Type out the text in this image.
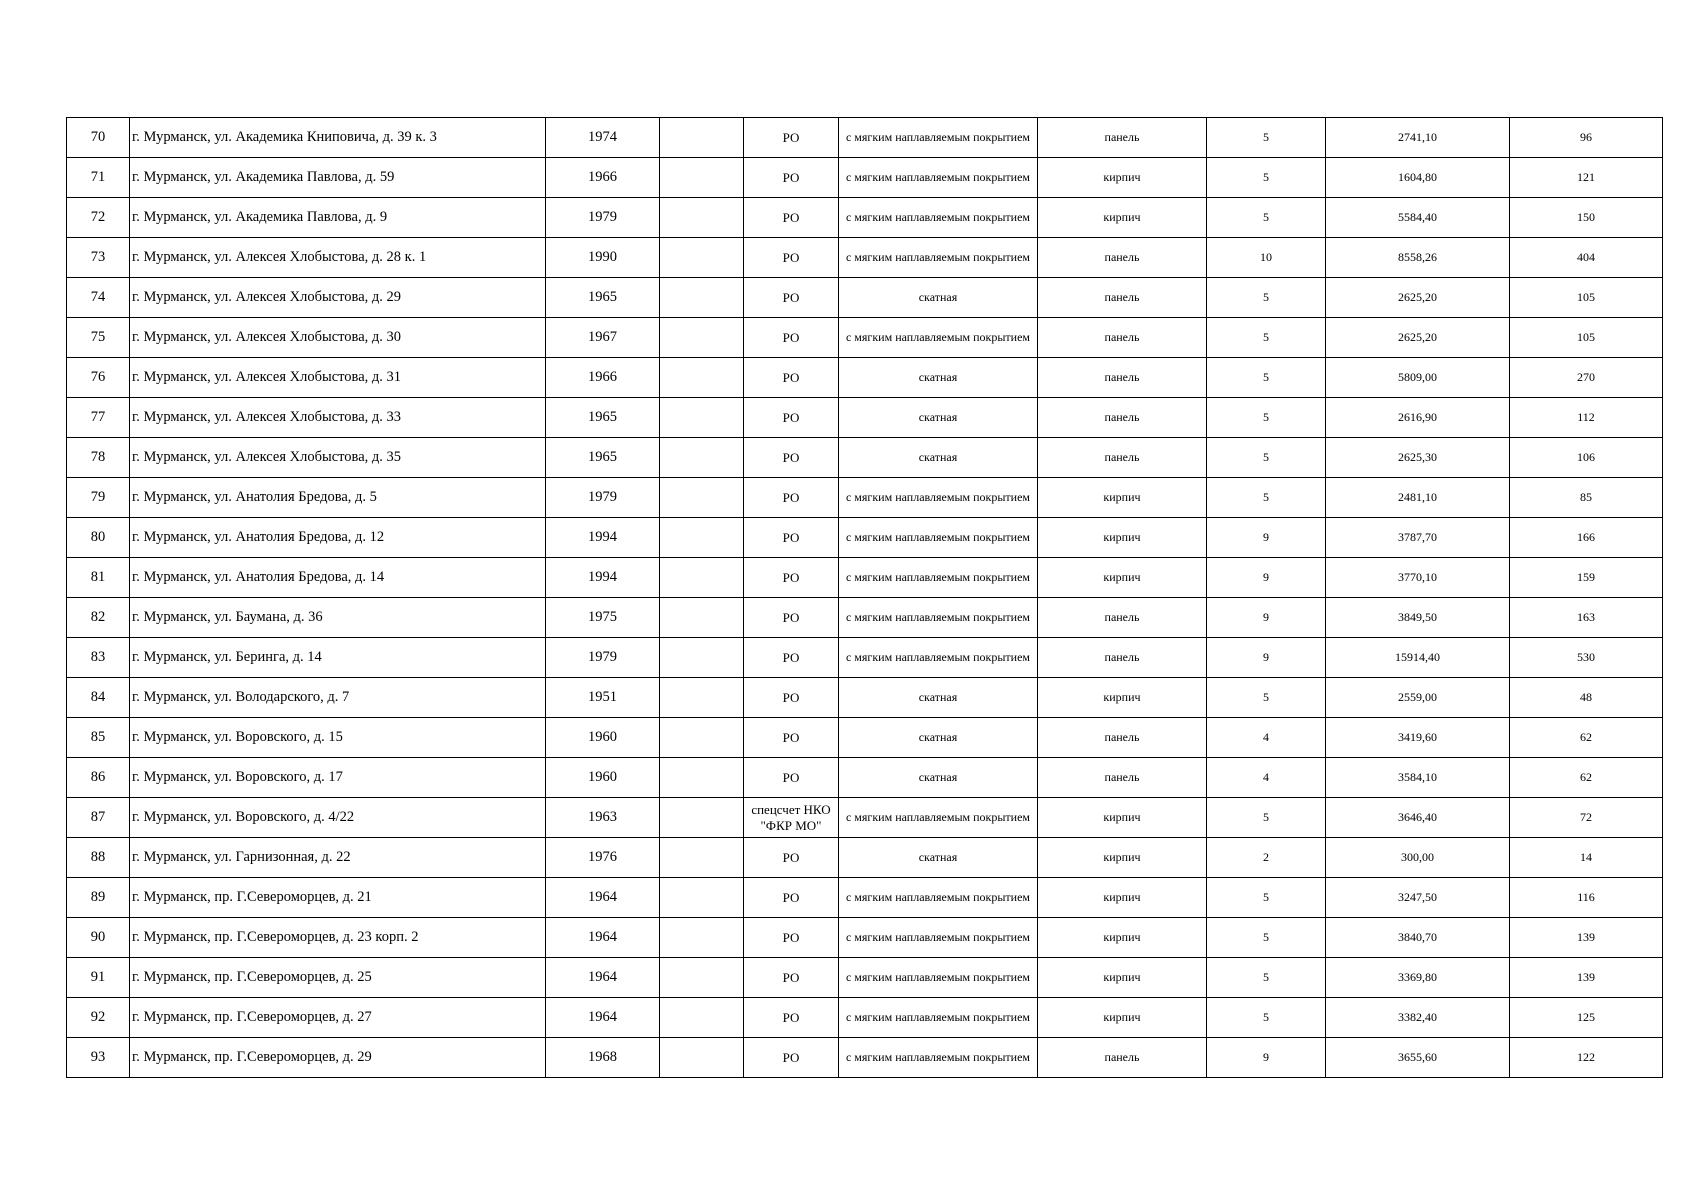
70	г. Мурманск, ул. Академика Книповича, д. 39 к. 3	1974		РО	с мягким наплавляемым покрытием	панель	5	2741,10	96
71	г. Мурманск, ул. Академика Павлова, д. 59	1966		РО	с мягким наплавляемым покрытием	кирпич	5	1604,80	121
72	г. Мурманск, ул. Академика Павлова, д. 9	1979		РО	с мягким наплавляемым покрытием	кирпич	5	5584,40	150
73	г. Мурманск, ул. Алексея Хлобыстова, д. 28 к. 1	1990		РО	с мягким наплавляемым покрытием	панель	10	8558,26	404
74	г. Мурманск, ул. Алексея Хлобыстова, д. 29	1965		РО	скатная	панель	5	2625,20	105
75	г. Мурманск, ул. Алексея Хлобыстова, д. 30	1967		РО	с мягким наплавляемым покрытием	панель	5	2625,20	105
76	г. Мурманск, ул. Алексея Хлобыстова, д. 31	1966		РО	скатная	панель	5	5809,00	270
77	г. Мурманск, ул. Алексея Хлобыстова, д. 33	1965		РО	скатная	панель	5	2616,90	112
78	г. Мурманск, ул. Алексея Хлобыстова, д. 35	1965		РО	скатная	панель	5	2625,30	106
79	г. Мурманск, ул. Анатолия Бредова, д. 5	1979		РО	с мягким наплавляемым покрытием	кирпич	5	2481,10	85
80	г. Мурманск, ул. Анатолия Бредова, д. 12	1994		РО	с мягким наплавляемым покрытием	кирпич	9	3787,70	166
81	г. Мурманск, ул. Анатолия Бредова, д. 14	1994		РО	с мягким наплавляемым покрытием	кирпич	9	3770,10	159
82	г. Мурманск, ул. Баумана, д. 36	1975		РО	с мягким наплавляемым покрытием	панель	9	3849,50	163
83	г. Мурманск, ул. Беринга, д. 14	1979		РО	с мягким наплавляемым покрытием	панель	9	15914,40	530
84	г. Мурманск, ул. Володарского, д. 7	1951		РО	скатная	кирпич	5	2559,00	48
85	г. Мурманск, ул. Воровского, д. 15	1960		РО	скатная	панель	4	3419,60	62
86	г. Мурманск, ул. Воровского, д. 17	1960		РО	скатная	панель	4	3584,10	62
87	г. Мурманск, ул. Воровского, д. 4/22	1963		спецсчет НКО "ФКР МО"	с мягким наплавляемым покрытием	кирпич	5	3646,40	72
88	г. Мурманск, ул. Гарнизонная, д. 22	1976		РО	скатная	кирпич	2	300,00	14
89	г. Мурманск, пр. Г.Североморцев, д. 21	1964		РО	с мягким наплавляемым покрытием	кирпич	5	3247,50	116
90	г. Мурманск, пр. Г.Североморцев, д. 23 корп. 2	1964		РО	с мягким наплавляемым покрытием	кирпич	5	3840,70	139
91	г. Мурманск, пр. Г.Североморцев, д. 25	1964		РО	с мягким наплавляемым покрытием	кирпич	5	3369,80	139
92	г. Мурманск, пр. Г.Североморцев, д. 27	1964		РО	с мягким наплавляемым покрытием	кирпич	5	3382,40	125
93	г. Мурманск, пр. Г.Североморцев, д. 29	1968		РО	с мягким наплавляемым покрытием	панель	9	3655,60	122
